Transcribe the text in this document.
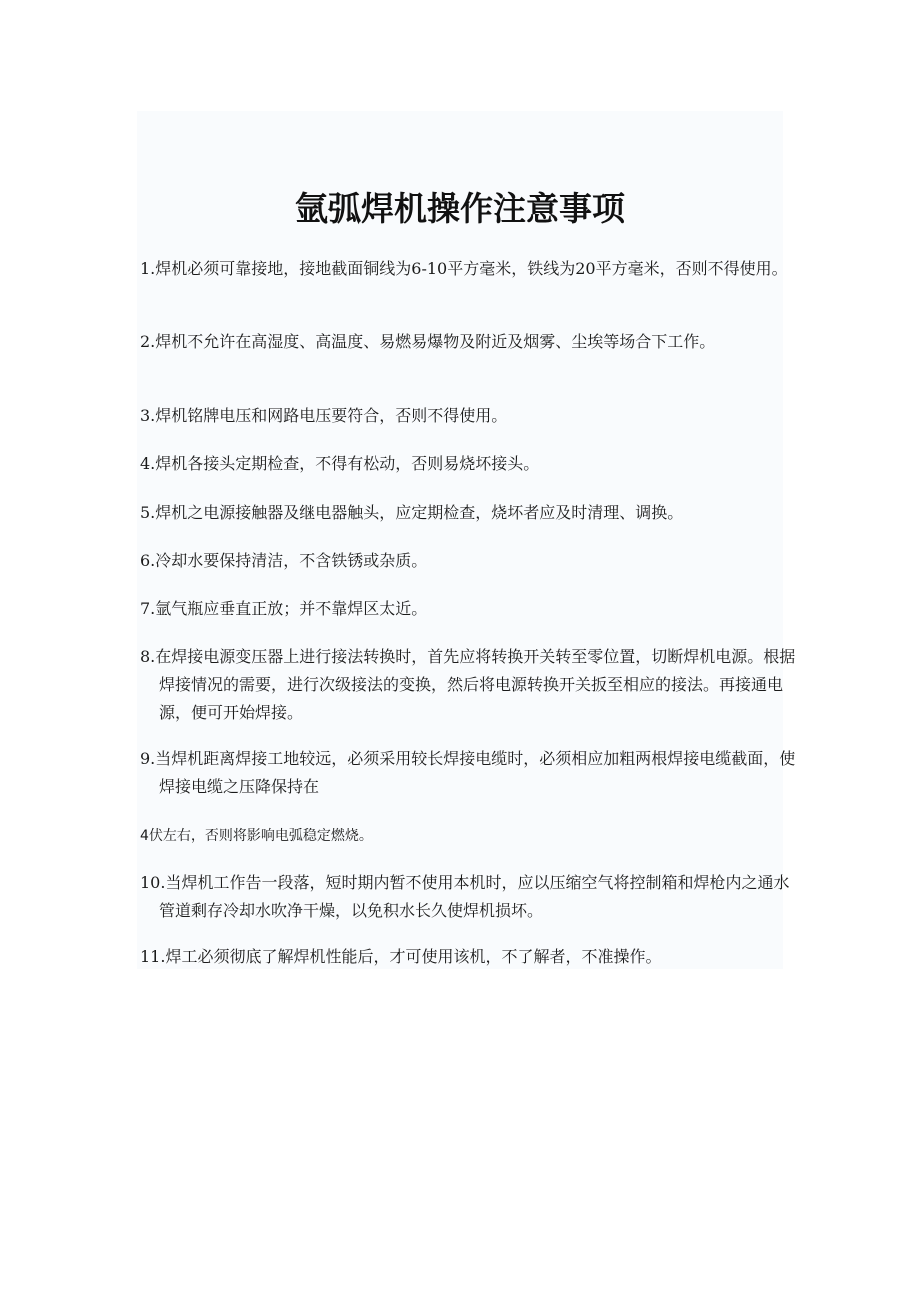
氩弧焊机操作注意事项

1.焊机必须可靠接地，接地截面铜线为6-10平方毫米，铁线为20平方毫米，否则不得使用。

2.焊机不允许在高湿度、高温度、易燃易爆物及附近及烟雾、尘埃等场合下工作。

3.焊机铭牌电压和网路电压要符合，否则不得使用。

4.焊机各接头定期检查，不得有松动，否则易烧坏接头。

5.焊机之电源接触器及继电器触头，应定期检查，烧坏者应及时清理、调换。

6.冷却水要保持清洁，不含铁锈或杂质。

7.氩气瓶应垂直正放；并不靠焊区太近。

8.在焊接电源变压器上进行接法转换时，首先应将转换开关转至零位置，切断焊机电源。根据焊接情况的需要，进行次级接法的变换，然后将电源转换开关扳至相应的接法。再接通电源，便可开始焊接。

9.当焊机距离焊接工地较远，必须采用较长焊接电缆时，必须相应加粗两根焊接电缆截面，使焊接电缆之压降保持在

4伏左右，否则将影响电弧稳定燃烧。

10.当焊机工作告一段落，短时期内暂不使用本机时，应以压缩空气将控制箱和焊枪内之通水管道剩存冷却水吹净干燥，以免积水长久使焊机损坏。

11.焊工必须彻底了解焊机性能后，才可使用该机，不了解者，不准操作。
